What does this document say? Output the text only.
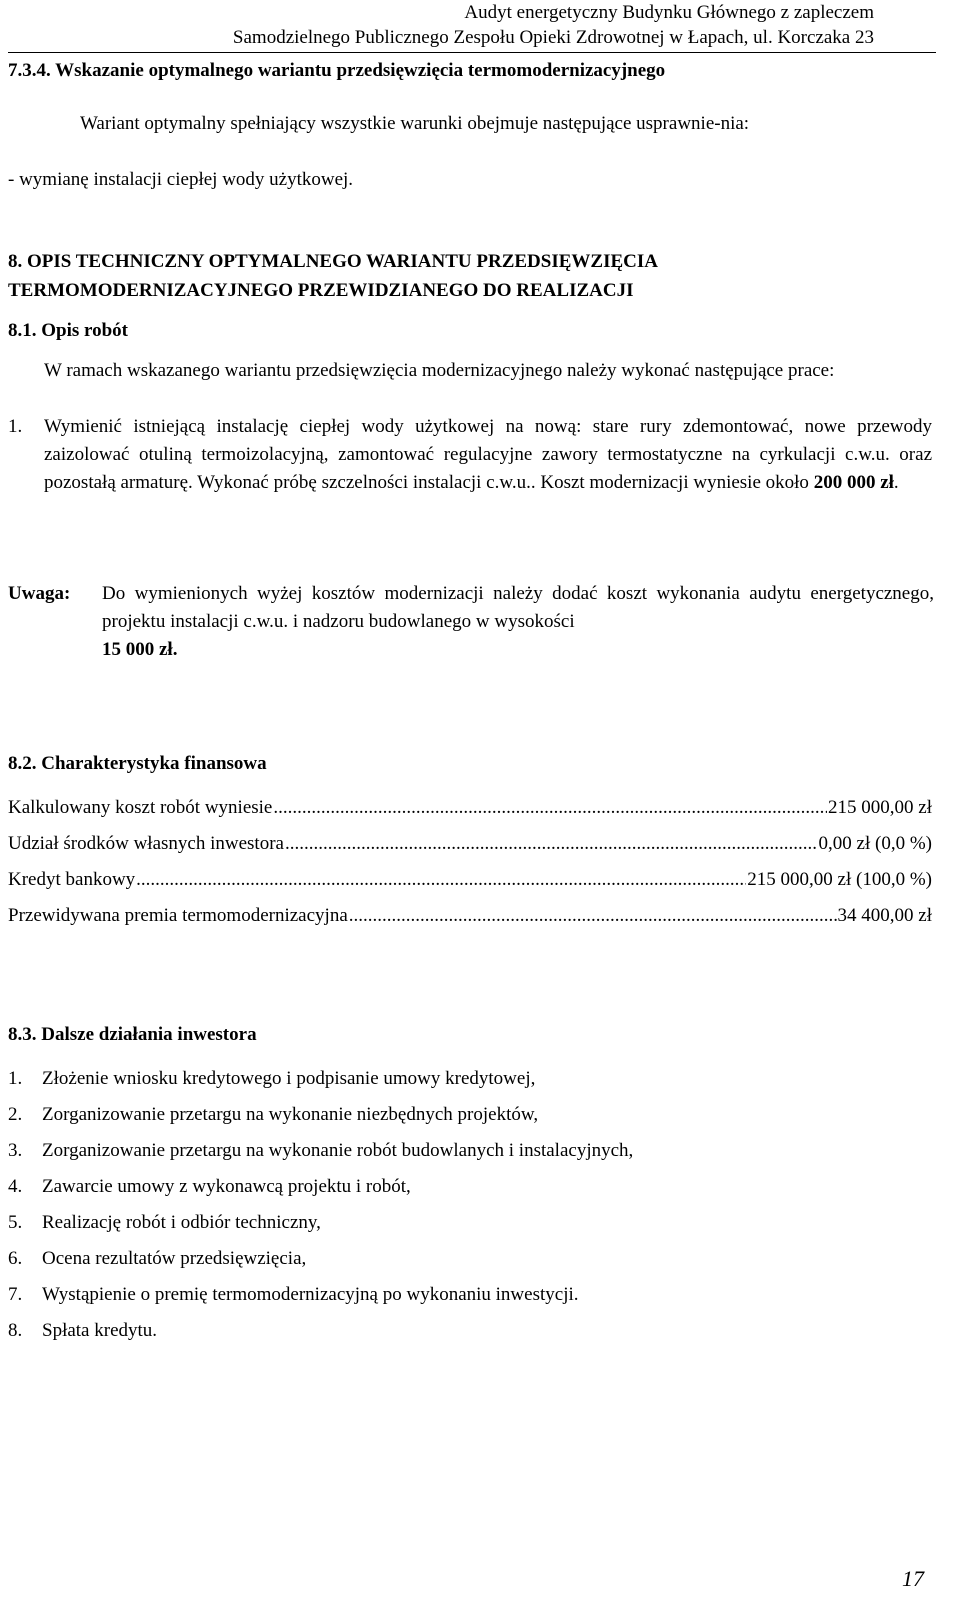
Audyt energetyczny Budynku Głównego z zapleczem
Samodzielnego Publicznego Zespołu Opieki Zdrowotnej w Łapach, ul. Korczaka 23
7.3.4. Wskazanie optymalnego wariantu przedsięwzięcia termomodernizacyjnego
Wariant optymalny spełniający wszystkie warunki obejmuje następujące usprawnie-nia:
- wymianę instalacji ciepłej wody użytkowej.
8. OPIS TECHNICZNY OPTYMALNEGO WARIANTU PRZEDSIĘWZIĘCIA
TERMOMODERNIZACYJNEGO PRZEWIDZIANEGO DO REALIZACJI
8.1. Opis robót
W ramach wskazanego wariantu przedsięwzięcia modernizacyjnego należy wykonać następujące prace:
1. Wymienić istniejącą instalację ciepłej wody użytkowej na nową: stare rury zdemontować, nowe przewody zaizolować otuliną termoizolacyjną, zamontować regulacyjne zawory termostatyczne na cyrkulacji c.w.u. oraz pozostałą armaturę. Wykonać próbę szczelności instalacji c.w.u.. Koszt modernizacji wyniesie około 200 000 zł.
Uwaga: Do wymienionych wyżej kosztów modernizacji należy dodać koszt wykonania audytu energetycznego, projektu instalacji c.w.u. i nadzoru budowlanego w wysokości
15 000 zł.
8.2. Charakterystyka finansowa
Kalkulowany koszt robót wyniesie .....	215 000,00 zł
Udział środków własnych inwestora .....	0,00 zł (0,0 %)
Kredyt bankowy .....	215 000,00 zł (100,0 %)
Przewidywana premia termomodernizacyjna .....	34 400,00 zł
8.3. Dalsze działania inwestora
1. Złożenie wniosku kredytowego i podpisanie umowy kredytowej,
2. Zorganizowanie przetargu na wykonanie niezbędnych projektów,
3. Zorganizowanie przetargu na wykonanie robót budowlanych i instalacyjnych,
4. Zawarcie umowy z wykonawcą projektu i robót,
5. Realizację robót i odbiór techniczny,
6. Ocena rezultatów przedsięwzięcia,
7. Wystąpienie o premię termomodernizacyjną po wykonaniu inwestycji.
8. Spłata kredytu.
17
